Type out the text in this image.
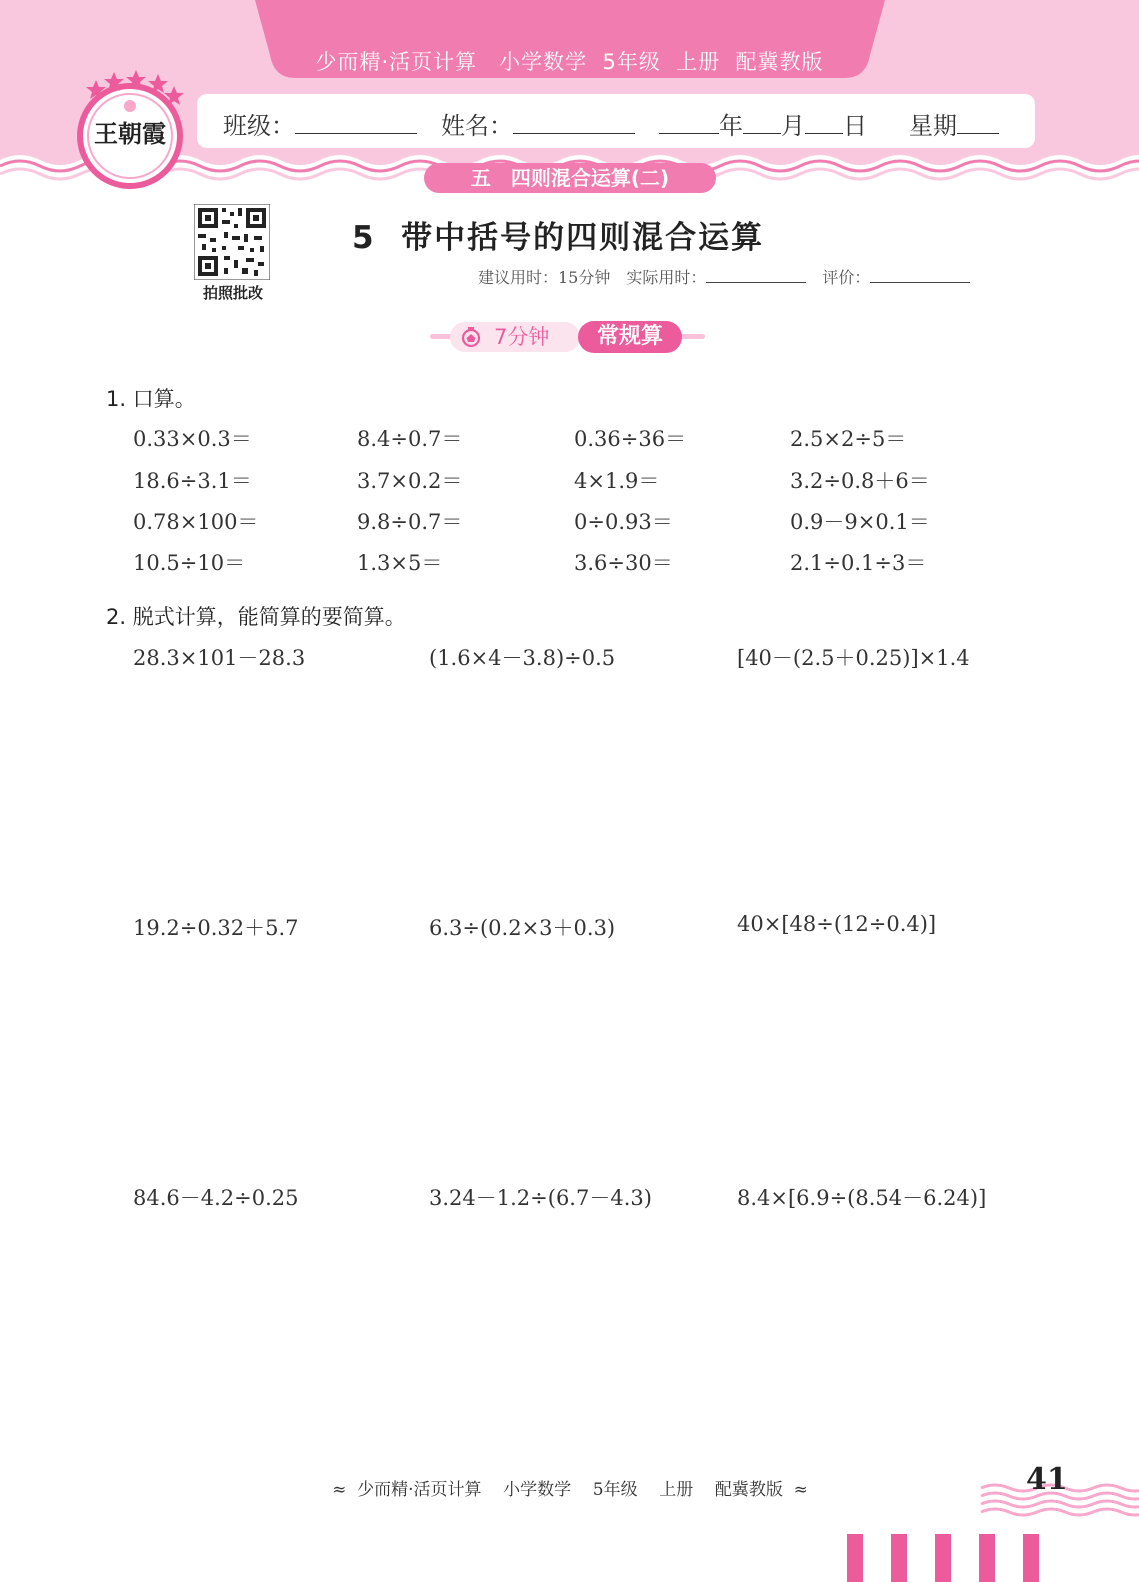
少而精·活页计算　小学数学  5年级  上册  配冀教版
王朝霞 班级：	姓名：	年 月 日 星期
五　四则混合运算(二)
拍照批改
5  带中括号的四则混合运算
建议用时：15分钟　 实际用时：　	评价：
7分钟	常规算
1. 口算。
0.33×0.3＝	8.4÷0.7＝	0.36÷36＝	2.5×2÷5＝
18.6÷3.1＝	3.7×0.2＝	4×1.9＝	3.2÷0.8＋6＝
0.78×100＝	9.8÷0.7＝	0÷0.93＝	0.9－9×0.1＝
10.5÷10＝	1.3×5＝	3.6÷30＝	2.1÷0.1÷3＝
2. 脱式计算，能简算的要简算。
28.3×101－28.3	(1.6×4－3.8)÷0.5	[40－(2.5＋0.25)]×1.4
19.2÷0.32＋5.7	6.3÷(0.2×3＋0.3)	40×[48÷(12÷0.4)]
84.6－4.2÷0.25	3.24－1.2÷(6.7－4.3)	8.4×[6.9÷(8.54－6.24)]
≈  少而精·活页计算    小学数学    5年级    上册    配冀教版  ≈	41
